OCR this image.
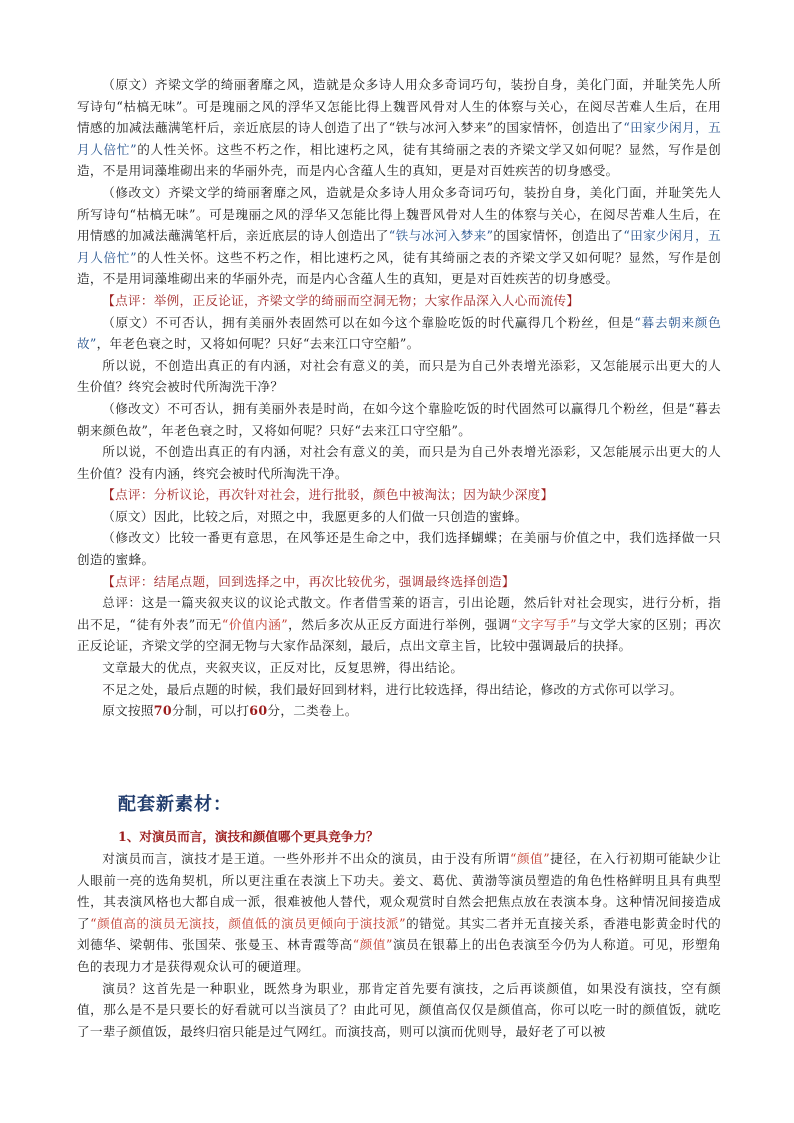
（原文）齐梁文学的绮丽奢靡之风，造就是众多诗人用众多奇词巧句，装扮自身，美化门面，并耻笑先人所写诗句“枯槁无味”。可是瑰丽之风的浮华又怎能比得上魏晋风骨对人生的体察与关心，在阅尽苦难人生后，在用情感的加减法蘸满笔杆后，亲近底层的诗人创造了出了“铁与冰河入梦来”的国家情怀，创造出了“田家少闲月，五月人倍忙”的人性关怀。这些不朽之作，相比速朽之风，徒有其绮丽之表的齐梁文学又如何呢？显然，写作是创造，不是用词藻堆砌出来的华丽外壳，而是内心含蕴人生的真知，更是对百姓疾苦的切身感受。

（修改文）齐梁文学的绮丽奢靡之风，造就是众多诗人用众多奇词巧句，装扮自身，美化门面，并耻笑先人所写诗句“枯槁无味”。可是瑰丽之风的浮华又怎能比得上魏晋风骨对人生的体察与关心，在阅尽苦难人生后，在用情感的加减法蘸满笔杆后，亲近底层的诗人创造出了“铁与冰河入梦来”的国家情怀，创造出了“田家少闲月，五月人倍忙”的人性关怀。这些不朽之作，相比速朽之风，徒有其绮丽之表的齐梁文学又如何呢？显然，写作是创造，不是用词藻堆砌出来的华丽外壳，而是内心含蕴人生的真知，更是对百姓疾苦的切身感受。

【点评：举例，正反论证，齐梁文学的绮丽而空洞无物；大家作品深入人心而流传】

（原文）不可否认，拥有美丽外表固然可以在如今这个靠脸吃饭的时代赢得几个粉丝，但是“暮去朝来颜色故”，年老色衰之时，又将如何呢？只好“去来江口守空船”。

所以说，不创造出真正的有内涵，对社会有意义的美，而只是为自己外表增光添彩，又怎能展示出更大的人生价值？终究会被时代所淘洗干净？

（修改文）不可否认，拥有美丽外表是时尚，在如今这个靠脸吃饭的时代固然可以赢得几个粉丝，但是“暮去朝来颜色故”，年老色衰之时，又将如何呢？只好“去来江口守空船”。

所以说，不创造出真正的有内涵，对社会有意义的美，而只是为自己外表增光添彩，又怎能展示出更大的人生价值？没有内涵，终究会被时代所淘洗干净。

【点评：分析议论，再次针对社会，进行批驳，颜色中被淘汰；因为缺少深度】

（原文）因此，比较之后，对照之中，我愿更多的人们做一只创造的蜜蜂。

（修改文）比较一番更有意思，在风筝还是生命之中，我们选择蝴蝶；在美丽与价值之中，我们选择做一只创造的蜜蜂。

【点评：结尾点题，回到选择之中，再次比较优劣，强调最终选择创造】

总评：这是一篇夹叙夹议的议论式散文。作者借雪莱的语言，引出论题，然后针对社会现实，进行分析，指出不足，“徒有外表”而无“价值内涵”，然后多次从正反方面进行举例，强调“文字写手”与文学大家的区别；再次正反论证，齐梁文学的空洞无物与大家作品深刻，最后，点出文章主旨，比较中强调最后的抉择。

文章最大的优点，夹叙夹议，正反对比，反复思辨，得出结论。

不足之处，最后点题的时候，我们最好回到材料，进行比较选择，得出结论，修改的方式你可以学习。

原文按照70分制，可以打60分，二类卷上。

配套新素材：
1、对演员而言，演技和颜值哪个更具竞争力？

对演员而言，演技才是王道。一些外形并不出众的演员，由于没有所谓“颜值”捷径，在入行初期可能缺少让人眼前一亮的选角契机，所以更注重在表演上下功夫。姜文、葛优、黄渤等演员塑造的角色性格鲜明且具有典型性，其表演风格也大都自成一派，很难被他人替代，观众观赏时自然会把焦点放在表演本身。这种情况间接造成了“颜值高的演员无演技，颜值低的演员更倾向于演技派”的错觉。其实二者并无直接关系，香港电影黄金时代的刘德华、梁朝伟、张国荣、张曼玉、林青霞等高“颜值”演员在银幕上的出色表演至今仍为人称道。可见，形塑角色的表现力才是获得观众认可的硬道理。

演员？这首先是一种职业，既然身为职业，那肯定首先要有演技，之后再谈颜值，如果没有演技，空有颜值，那么是不是只要长的好看就可以当演员了？由此可见，颜值高仅仅是颜值高，你可以吃一时的颜值饭，就吃了一辈子颜值饭，最终归宿只能是过气网红。而演技高，则可以演而优则导，最好老了可以被
